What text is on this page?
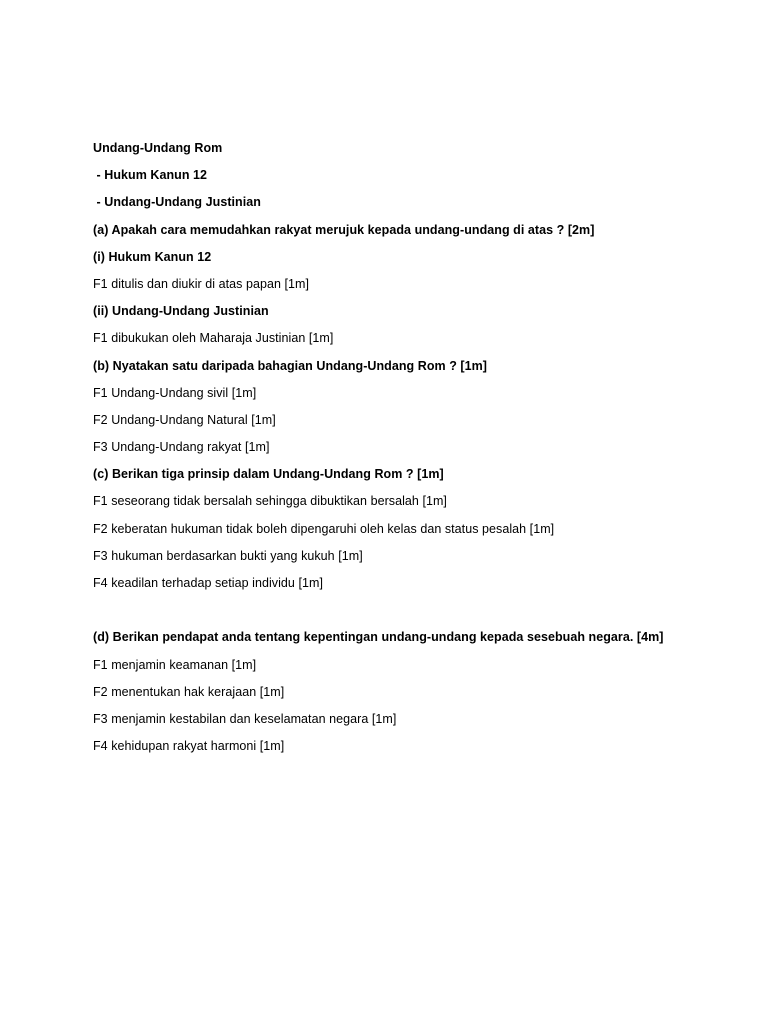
Undang-Undang Rom
- Hukum Kanun 12
- Undang-Undang Justinian
(a) Apakah cara memudahkan rakyat merujuk kepada undang-undang di atas ? [2m]
(i) Hukum Kanun 12
F1 ditulis dan diukir di atas papan [1m]
(ii) Undang-Undang Justinian
F1 dibukukan oleh Maharaja Justinian [1m]
(b) Nyatakan satu daripada bahagian Undang-Undang Rom ? [1m]
F1 Undang-Undang sivil [1m]
F2 Undang-Undang Natural [1m]
F3 Undang-Undang rakyat [1m]
(c) Berikan tiga prinsip dalam Undang-Undang Rom ? [1m]
F1 seseorang tidak bersalah sehingga dibuktikan bersalah [1m]
F2 keberatan hukuman tidak boleh dipengaruhi oleh kelas dan status pesalah [1m]
F3 hukuman berdasarkan bukti yang kukuh [1m]
F4 keadilan terhadap setiap individu [1m]
(d) Berikan pendapat anda tentang kepentingan undang-undang kepada sesebuah negara. [4m]
F1 menjamin keamanan [1m]
F2 menentukan hak kerajaan [1m]
F3 menjamin kestabilan dan keselamatan negara [1m]
F4 kehidupan rakyat harmoni [1m]
